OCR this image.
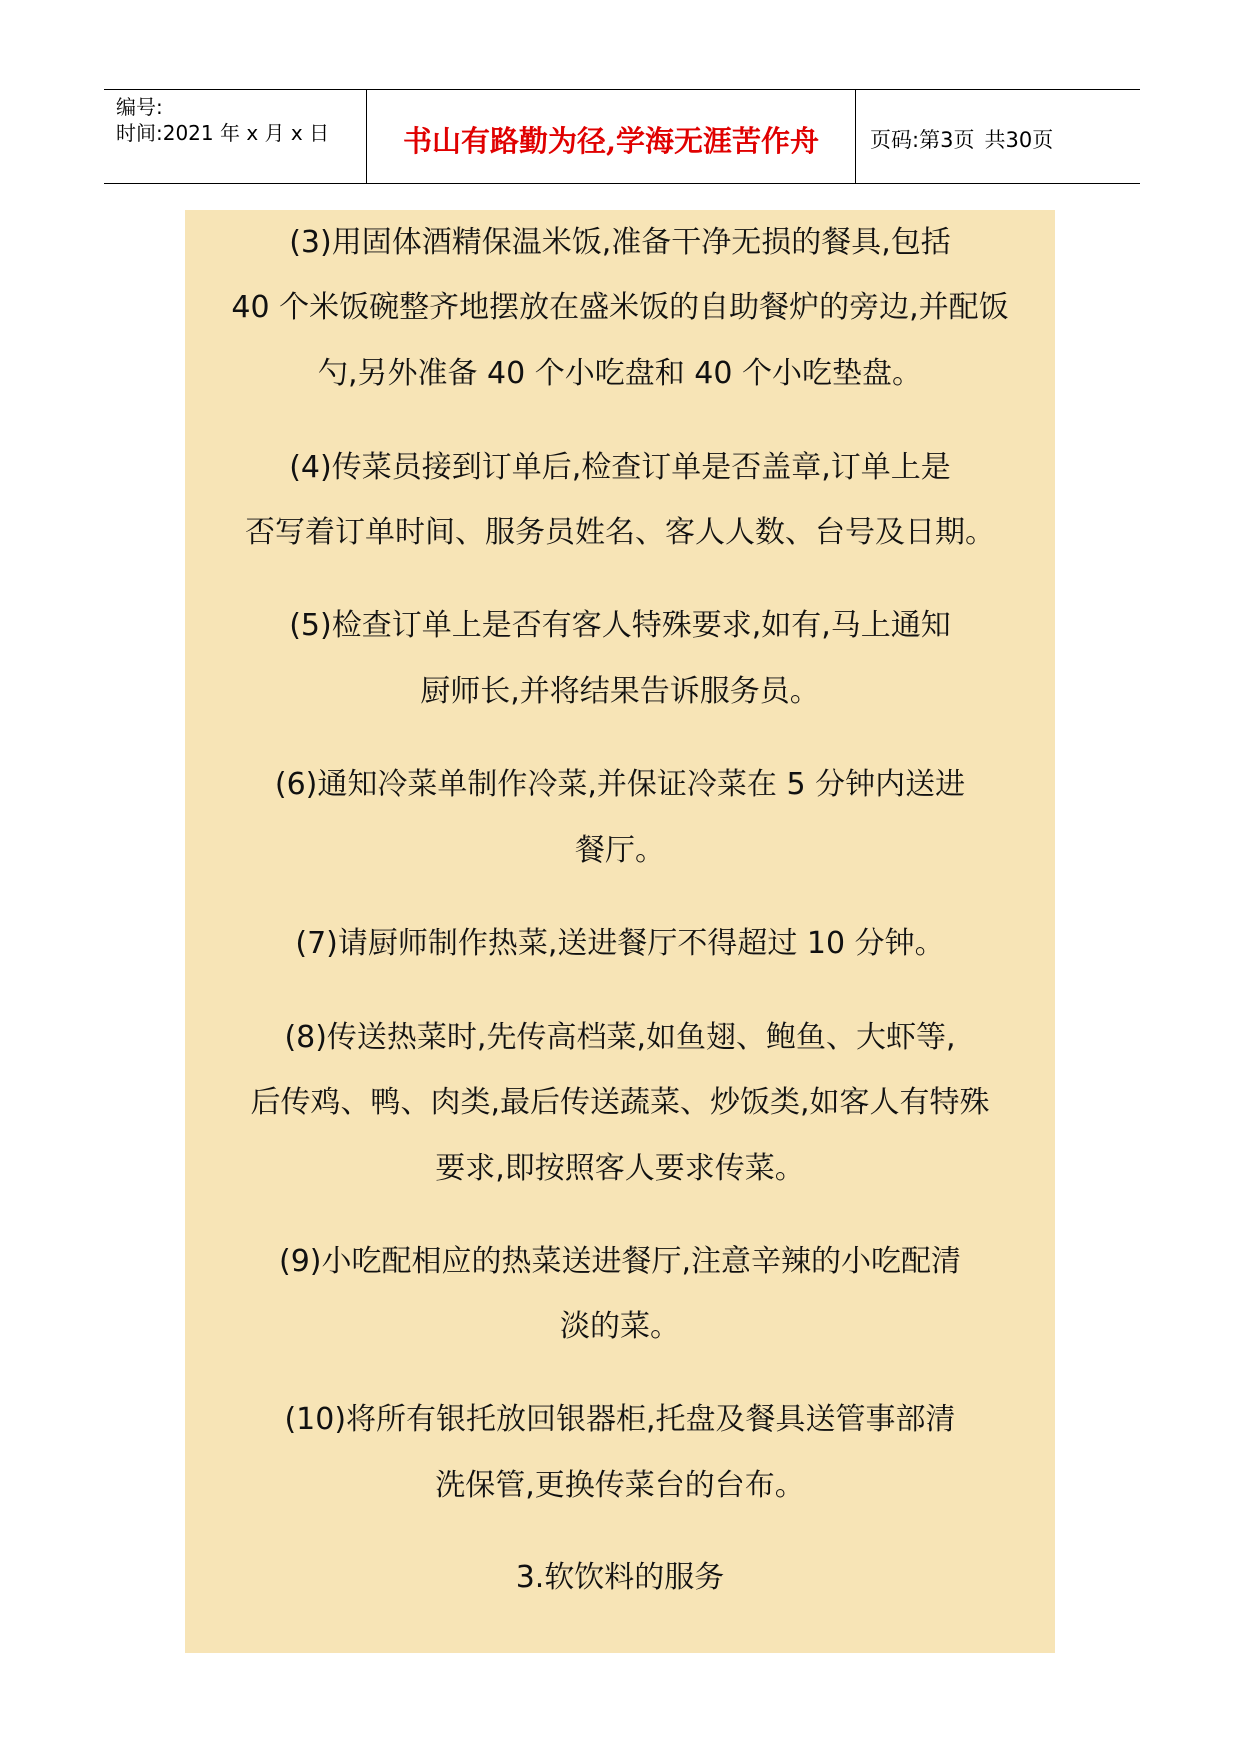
编号:
时间:2021 年 x 月 x 日	书山有路勤为径,学海无涯苦作舟	页码:第3页 共30页
(3)用固体酒精保温米饭,准备干净无损的餐具,包括
40 个米饭碗整齐地摆放在盛米饭的自助餐炉的旁边,并配饭
勺,另外准备 40 个小吃盘和 40 个小吃垫盘。
(4)传菜员接到订单后,检查订单是否盖章,订单上是
否写着订单时间、服务员姓名、客人人数、台号及日期。
(5)检查订单上是否有客人特殊要求,如有,马上通知
厨师长,并将结果告诉服务员。
(6)通知冷菜单制作冷菜,并保证冷菜在 5 分钟内送进
餐厅。
(7)请厨师制作热菜,送进餐厅不得超过 10 分钟。
(8)传送热菜时,先传高档菜,如鱼翅、鲍鱼、大虾等,
后传鸡、鸭、肉类,最后传送蔬菜、炒饭类,如客人有特殊
要求,即按照客人要求传菜。
(9)小吃配相应的热菜送进餐厅,注意辛辣的小吃配清
淡的菜。
(10)将所有银托放回银器柜,托盘及餐具送管事部清
洗保管,更换传菜台的台布。
3.软饮料的服务
